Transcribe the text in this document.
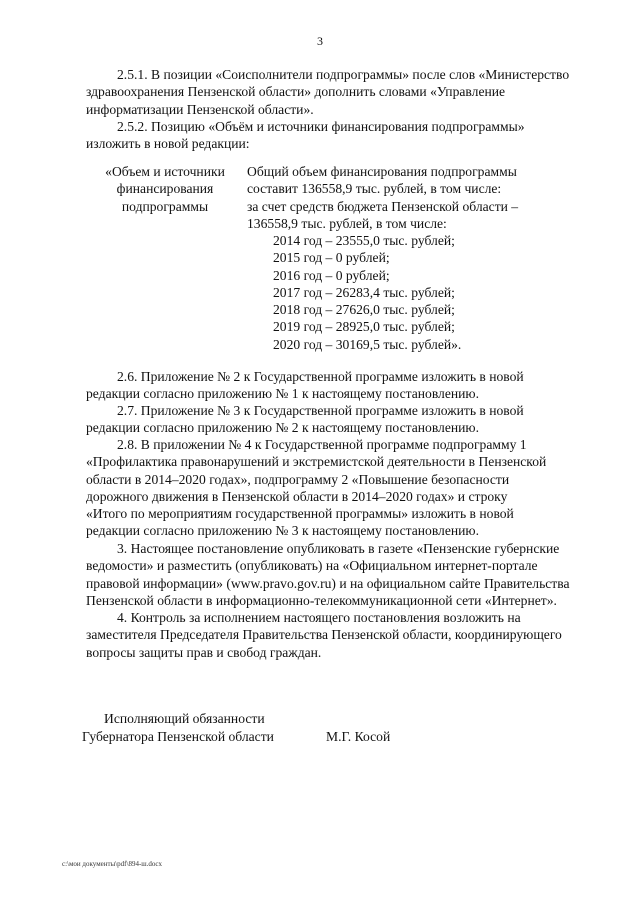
3
2.5.1. В позиции «Соисполнители подпрограммы» после слов «Министерство
здравоохранения Пензенской области» дополнить словами «Управление
информатизации Пензенской области».
2.5.2. Позицию «Объём и источники финансирования подпрограммы»
изложить в новой редакции:
«Объем и источники
финансирования
подпрограммы
Общий объем финансирования подпрограммы
составит 136558,9 тыс. рублей, в том числе:
за счет средств бюджета Пензенской области –
136558,9 тыс. рублей, в том числе:
2014 год – 23555,0 тыс. рублей;
2015 год – 0 рублей;
2016 год – 0 рублей;
2017 год – 26283,4 тыс. рублей;
2018 год – 27626,0 тыс. рублей;
2019 год – 28925,0 тыс. рублей;
2020 год – 30169,5 тыс. рублей».
2.6. Приложение № 2 к Государственной программе изложить в новой
редакции согласно приложению № 1 к настоящему постановлению.
2.7. Приложение № 3 к Государственной программе изложить в новой
редакции согласно приложению № 2 к настоящему постановлению.
2.8. В приложении № 4 к Государственной программе подпрограмму 1
«Профилактика правонарушений и экстремистской деятельности в Пензенской
области в 2014–2020 годах», подпрограмму 2 «Повышение безопасности
дорожного движения в Пензенской области в 2014–2020 годах» и строку
«Итого по мероприятиям государственной программы» изложить в новой
редакции согласно приложению № 3 к настоящему постановлению.
3. Настоящее постановление опубликовать в газете «Пензенские губернские
ведомости» и разместить (опубликовать) на «Официальном интернет-портале
правовой информации» (www.pravo.gov.ru) и на официальном сайте Правительства
Пензенской области в информационно-телекоммуникационной сети «Интернет».
4. Контроль за исполнением настоящего постановления возложить на
заместителя Председателя Правительства Пензенской области, координирующего
вопросы защиты прав и свобод граждан.
Исполняющий обязанности
Губернатора Пензенской области	М.Г. Косой
c:\мои документы\pdf\894-ш.docx
